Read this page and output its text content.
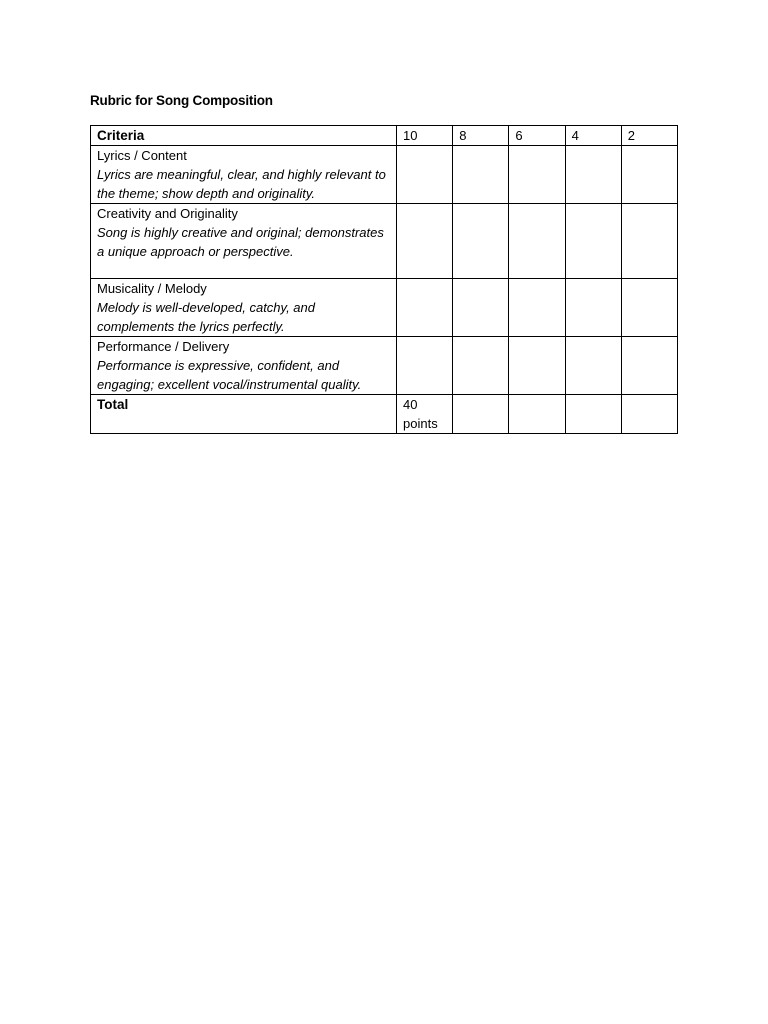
Rubric for Song Composition
Criteria	10	8	6	4	2

Lyrics / Content
Lyrics are meaningful, clear, and highly relevant to the theme; show depth and originality.					

Creativity and Originality
Song is highly creative and original; demonstrates a unique approach or perspective.					

Musicality / Melody
Melody is well-developed, catchy, and complements the lyrics perfectly.					

Performance / Delivery
Performance is expressive, confident, and engaging; excellent vocal/instrumental quality.					

Total	40 points				
